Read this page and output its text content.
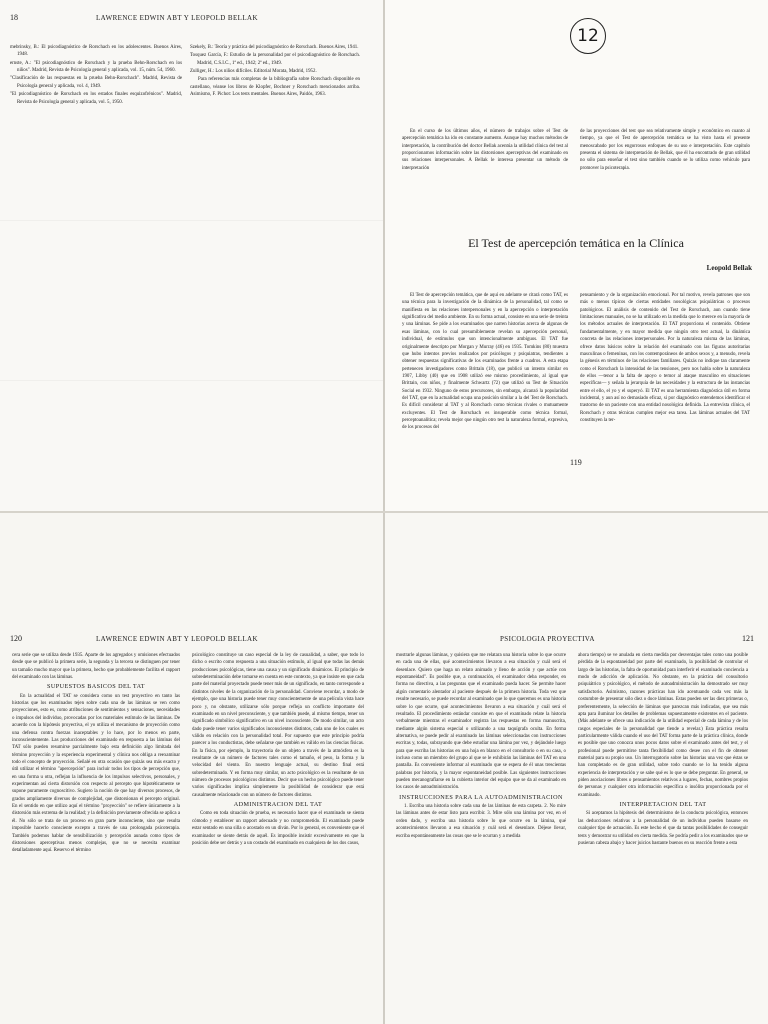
18	LAWRENCE EDWIN ABT Y LEOPOLD BELLAK

mebrinsky, B.: El psicodiagnóstico de Rorschach en los adolescentes. Buenos Aires, 1948.

ernste, A.: "El psicodiagnóstico de Rorschach y la prueba Behn-Rorschach en los niños". Madrid, Revista de Psicología general y aplicada, vol. 15, núm. 54, 1960.

"Clasificación de las respuestas en la prueba Behn-Rorschach". Madrid, Revista de Psicología general y aplicada, vol. 4, 1949.

"El psicodiagnóstico de Rorschach en los estados finales esquizofrénicos". Madrid, Revista de Psicología general y aplicada, vol. 5, 1950.

Szekely, B.: Teoría y práctica del psicodiagnóstico de Rorschach. Buenos Aires, 1941.

Tosquez García, F.: Estudio de la personalidad por el psicodiagnóstico de Rorschach. Madrid, C.S.I.C., 1ª ed., 1942; 2ª ed., 1949.

Zulliger, H.: Los niños difíciles. Editorial Morata, Madrid, 1952.

Para referencias más completas de la bibliografía sobre Rorschach disponible en castellano, véanse los libros de Klopfer, Bochner y Rorschach mencionados arriba. Asimismo, F. Pichot: Los tests mentales. Buenos Aires, Paidós, 1963.

12

En el curso de los últimos años, el número de trabajos sobre el Test de apercepción temática ha ido en constante aumento. Aunque hay muchos métodos de interpretación, la contribución del doctor Bellak acentúa la utilidad clínica del test al proporcionarnos información sobre las distorsiones aperceptivas del examinado en sus relaciones interpersonales. A Bellak le interesa presentar un método de interpretación

de las proyecciones del test que sea relativamente simple y económico en cuanto al tiempo, ya que el Test de apercepción temática se ha visto hasta el presente menoscabado por los engorrosos enfoques de su uso e interpretación. Este capítulo presenta el sistema de interpretación de Bellak, que él ha encontrado de gran utilidad no sólo para enseñar el test sino también cuando se lo utiliza como vehículo para promover la psicoterapia.

El Test de apercepción temática en la Clínica
Leopold Bellak

El Test de apercepción temática, que de aquí en adelante se citará como TAT, es una técnica para la investigación de la dinámica de la personalidad, tal como se manifiesta en las relaciones interpersonales y en la apercepción o interpretación significativa del medio ambiente. En su forma actual, consiste en una serie de treinta y una láminas. Se pide a los examinados que narren historias acerca de algunas de esas láminas, con lo cual presumiblemente revelan su apercepción personal, individual, de estímulos que son intencionalmente ambiguos. El TAT fue originalmente descripto por Morgan y Murray (46) en 1935. Tomkins (80) muestra que hubo intentos previos realizados por psicólogos y psiquiatras, tendientes a obtener respuestas significativas de los examinados frente a cuadros. A esta etapa pertenecen investigadores como Brittain (18), que publicó un intento similar en 1907, Libby (40) que en 1908 utilizó ese mismo procedimiento, al igual que Brittain, con niños, y finalmente Schwartz (72) que utilizó su Test de Situación Social en 1932. Ninguno de estos precursores, sin embargo, alcanzó la popularidad del TAT, que en la actualidad ocupa una posición similar a la del Test de Rorschach. Es difícil considerar al TAT y al Rorschach como técnicas rivales o mutuamente excluyentes. El Test de Rorschach es insuperable como técnica formal, perceptoanalítica; revela mejor que ningún otro test la naturaleza formal, expresiva, de los procesos del

pensamiento y de la organización emocional. Por tal motivo, revela patrones que son más o menos típicos de ciertas entidades nosológicas psiquiátricas o procesos patológicos. El análisis de contenido del Test de Rorschach, aun cuando tiene limitaciones manuales, no se ha utilizado en la medida que lo merece en la mayoría de los métodos actuales de interpretación. El TAT proporciona el contenido. Obtiene fundamentalmente, y en mayor medida que ningún otro test actual, la dinámica concreta de las relaciones interpersonales. Por la naturaleza misma de las láminas, ofrece datos básicos sobre la relación del examinado con las figuras autoritarias masculinas o femeninas, con los contemporáneos de ambos sexos y, a menudo, revela la génesis en términos de las relaciones familiares. Quizás no indique tan claramente como el Rorschach la intensidad de las tensiones, pero nos habla sobre la naturaleza de ellos —tenor a la falta de apoyo o temor al ataque masculino en situaciones específicas— y señala la jerarquía de las necesidades y la estructura de las instancias entre el ello, el yo y el superyó. El TAT es una herramienta diagnóstica útil en forma incidental, y aun así no demasiado eficaz, si por diagnóstico entendemos identificar el trastorno de un paciente con una entidad nosológica definida. La entrevista clínica, el Rorschach y otras técnicas cumplen mejor esa tarea. Las láminas actuales del TAT constituyen la ter-

119
120	LAWRENCE EDWIN ABT Y LEOPOLD BELLAK

cera serie que se utiliza desde 1935. Aparte de los agregados y omisiones efectuados desde que se publicó la primera serie, la segunda y la tercera se distinguen por tener un tamaño mucho mayor que la primera, hecho que probablemente facilita el rapport del examinado con las láminas.

SUPUESTOS BASICOS DEL TAT

En la actualidad el TAT se considera como un test proyectivo en tanto las historias que los examinados tejen sobre cada una de las láminas se ven como proyecciones, esto es, como atribuciones de sentimientos y sensaciones, necesidades o impulsos del individuo, provocadas por los materiales estímulo de las láminas. De acuerdo con la hipótesis proyectiva, el yo utiliza el mecanismo de proyección como una defensa contra fuerzas inaceptables y lo hace, por lo menos en parte, inconscientemente. Las producciones del examinado en respuesta a las láminas del TAT sólo pueden resumirse parcialmente bajo esta definición algo limitada del término proyección y la experiencia experimental y clínica nos obliga a reexaminar todo el concepto de proyección. Señalé en otra ocasión que quizás sea más exacto y útil utilizar el término "apercepción" para incluir todos los tipos de percepción que, en una forma u otra, reflejan la influencia de los impulsos selectivos, personales, y experimentan así cierta distorsión con respecto al percepto que hipotéticamente se supone puramente cognoscitivo. Sugiero la noción de que hay diversos procesos, de grados ampliamente diversos de complejidad, que distorsionan el percepto original. En el sentido en que utilizo aquí el término "proyección" se refiere únicamente a la distorsión más extrema de la realidad; y la definición previamente ofrecida se aplica a él. No sólo se trata de un proceso en gran parte inconsciente, sino que resulta imposible hacerlo consciente excepto a través de una prolongada psicoterapia. También podemos hablar de sensibilización y percepción aunada como tipos de distorsiones aperceptivas menos complejas, que no se necesita examinar detalladamente aquí. Reservo el término

psicológico constituye un caso especial de la ley de casualidad, a saber, que todo lo dicho o escrito como respuesta a una situación estímulo, al igual que todas las demás producciones psicológicas, tiene una causa y un significado dinámicos. El principio de sobredeterminación debe tomarse en cuenta en este contexto, ya que insiste en que cada parte del material proyectado puede tener más de un significado, en tanto corresponde a distintos niveles de la organización de la personalidad. Conviene recordar, a modo de ejemplo, que una historia puede tener muy conscientemente de una película vista hace poco y, no obstante, utilizarse sólo porque refleja un conflicto importante del examinado en un nivel preconsciente, y que también puede, al mismo tiempo, tener un significado simbólico significativo en un nivel inconsciente. De modo similar, un acto dado puede tener varios significados inconscientes distintos, cada uno de los cuales es válido en relación con la personalidad total. Por supuesto que este principio podría parecer a los conductistas, debe señalarse que también es válido en las ciencias físicas. En la física, por ejemplo, la trayectoria de un objeto a través de la atmósfera es la resultante de un número de factores tales como el tamaño, el peso, la forma y la velocidad del viento. En nuestro lenguaje actual, su destino final está sobredeterminado. Y en forma muy similar, un acto psicológico es la resultante de un número de procesos psicológicos distintos. Decir que un hecho psicológico puede tener varios significados implica simplemente la posibilidad de considerar que está causalmente relacionado con un número de factores distintos.

ADMINISTRACION DEL TAT

Como en toda situación de prueba, es necesario hacer que el examinado se sienta cómodo y establecer un rapport adecuado y no comprometido. El examinado puede estar sentado en una silla o acostado en un diván. Por lo general, es conveniente que el examinador se siente detrás de aquél. Es imposible insistir excesivamente en que la posición debe ser detrás y a un costado del examinado en cualquiera de los dos casos,

PSICOLOGIA PROYECTIVA	121

mostrarle algunas láminas, y quisiera que me relatara una historia sobre lo que ocurre en cada una de ellas, qué acontecimientos llevaron a esa situación y cuál será el desenlace. Quiero que haga un relato animado y lleno de acción y que actúe con espontaneidad". Es posible que, a continuación, el examinador deba responder, en forma no directiva, a las preguntas que el examinado pueda hacer. Se permite hacer algún comentario alentador al paciente después de la primera historia. Toda vez que resulte necesario, se puede recordar al examinado que lo que queremos es una historia sobre lo que ocurre, qué acontecimientos llevaron a esa situación y cuál será el resultado. El procedimiento estándar consiste en que el examinado relate la historia verbalmente mientras el examinador registra las respuestas en forma manuscrita, mediante algún sistema especial o utilizando a una taquígrafa oculta. En forma alternativa, se puede pedir al examinado las láminas seleccionadas con instrucciones escritas y, todas, subrayando que debe estudiar una lámina por vez, y dejándole luego para que escriba las historias en una hoja en blanco en el consultorio o en su casa, o incluso como un miembro del grupo al que se le exhibirán las láminas del TAT en una pantalla. Es conveniente informar al examinado que se espera de él unas trescientas palabras por historia, y la mayor espontaneidad posible. Las siguientes instrucciones pueden mecanografiarse en la cubierta interior del equipo que se da al examinado en los casos de autoadministración.

INSTRUCCIONES PARA LA AUTOADMINISTRACION

1. Escriba una historia sobre cada una de las láminas de esta carpeta. 2. No mire las láminas antes de estar listo para escribir. 3. Mire sólo una lámina por vez, en el orden dado, y escriba una historia sobre lo que ocurre en la lámina, qué acontecimientos llevaron a esa situación y cuál será el desenlace. Déjese llevar, escriba espontáneamente las cosas que se le ocurran y a medida

ahora tiempo) se ve anulada en cierta medida por desventajas tales como una posible pérdida de la espontaneidad por parte del examinado, la posibilidad de controlar el largo de las historias, la falta de oportunidad para interferir el examinado conciencia a modo de adicción de aplicación. No obstante, en la práctica del consultorio psiquiátrico y psicológico, el método de autoadministración ha demostrado ser muy satisfactorio. Asimismo, razones prácticas han ido acentuando cada vez más la costumbre de presentar sólo diez o doce láminas. Estas pueden ser las diez primeras o, preferentemente, la selección de láminas que parezcan más indicadas, que sea más apta para iluminar los detalles de problemas supuestamente existentes en el paciente. (Más adelante se ofrece una indicación de la utilidad especial de cada lámina y de los rasgos especiales de la personalidad que tiende a revelar.) Esta práctica resulta particularmente válida cuando el uso del TAT forma parte de la práctica clínica, donde es posible que uno conozca unos pocos datos sobre el examinado antes del test, y el profesional puede permitirse tanta flexibilidad como desee con el fin de obtener material para su propio uso. Un interrogatorio sobre las historias una vez que éstas se han completado es de gran utilidad, sobre todo cuando se lo ha tenido alguna experiencia de interpretación y se sabe qué es lo que se debe preguntar. En general, se piden asociaciones libres o pensamientos relativos a lugares, fechas, nombres propios de personas y cualquier otra información específica o insólita proporcionada por el examinado.

INTERPRETACION DEL TAT

Si aceptamos la hipótesis del determinismo de la conducta psicológica, entonces las deducciones relativas a la personalidad de un individuo pueden basarse en cualquier tipo de actuación. Es este hecho el que da tantas posibilidades de conseguir tests y demostrar su utilidad en cierta medida. Se podría pedir a los examinados que se pusieran cabeza abajo y hacer juicios bastante buenos en su reacción frente a esta
